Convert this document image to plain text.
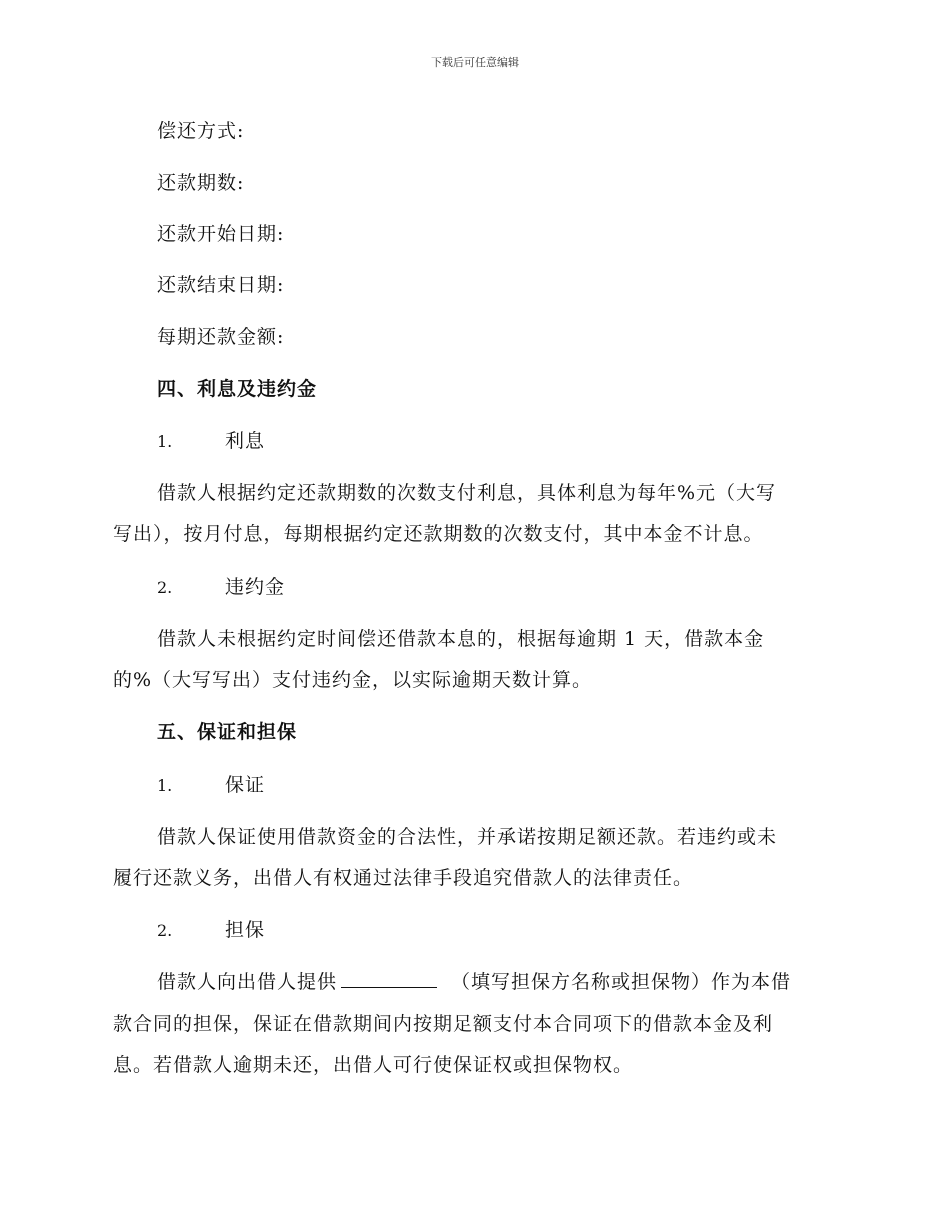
下载后可任意编辑
偿还方式:
还款期数:
还款开始日期:
还款结束日期:
每期还款金额:
四、利息及违约金
1.	利息
借款人根据约定还款期数的次数支付利息，具体利息为每年%元（大写
写出），按月付息，每期根据约定还款期数的次数支付，其中本金不计息。
2.	违约金
借款人未根据约定时间偿还借款本息的，根据每逾期 1 天，借款本金
的%（大写写出）支付违约金，以实际逾期天数计算。
五、保证和担保
1.	保证
借款人保证使用借款资金的合法性，并承诺按期足额还款。若违约或未
履行还款义务，出借人有权通过法律手段追究借款人的法律责任。
2.	担保
借款人向出借人提供	（填写担保方名称或担保物）作为本借
款合同的担保，保证在借款期间内按期足额支付本合同项下的借款本金及利
息。若借款人逾期未还，出借人可行使保证权或担保物权。
